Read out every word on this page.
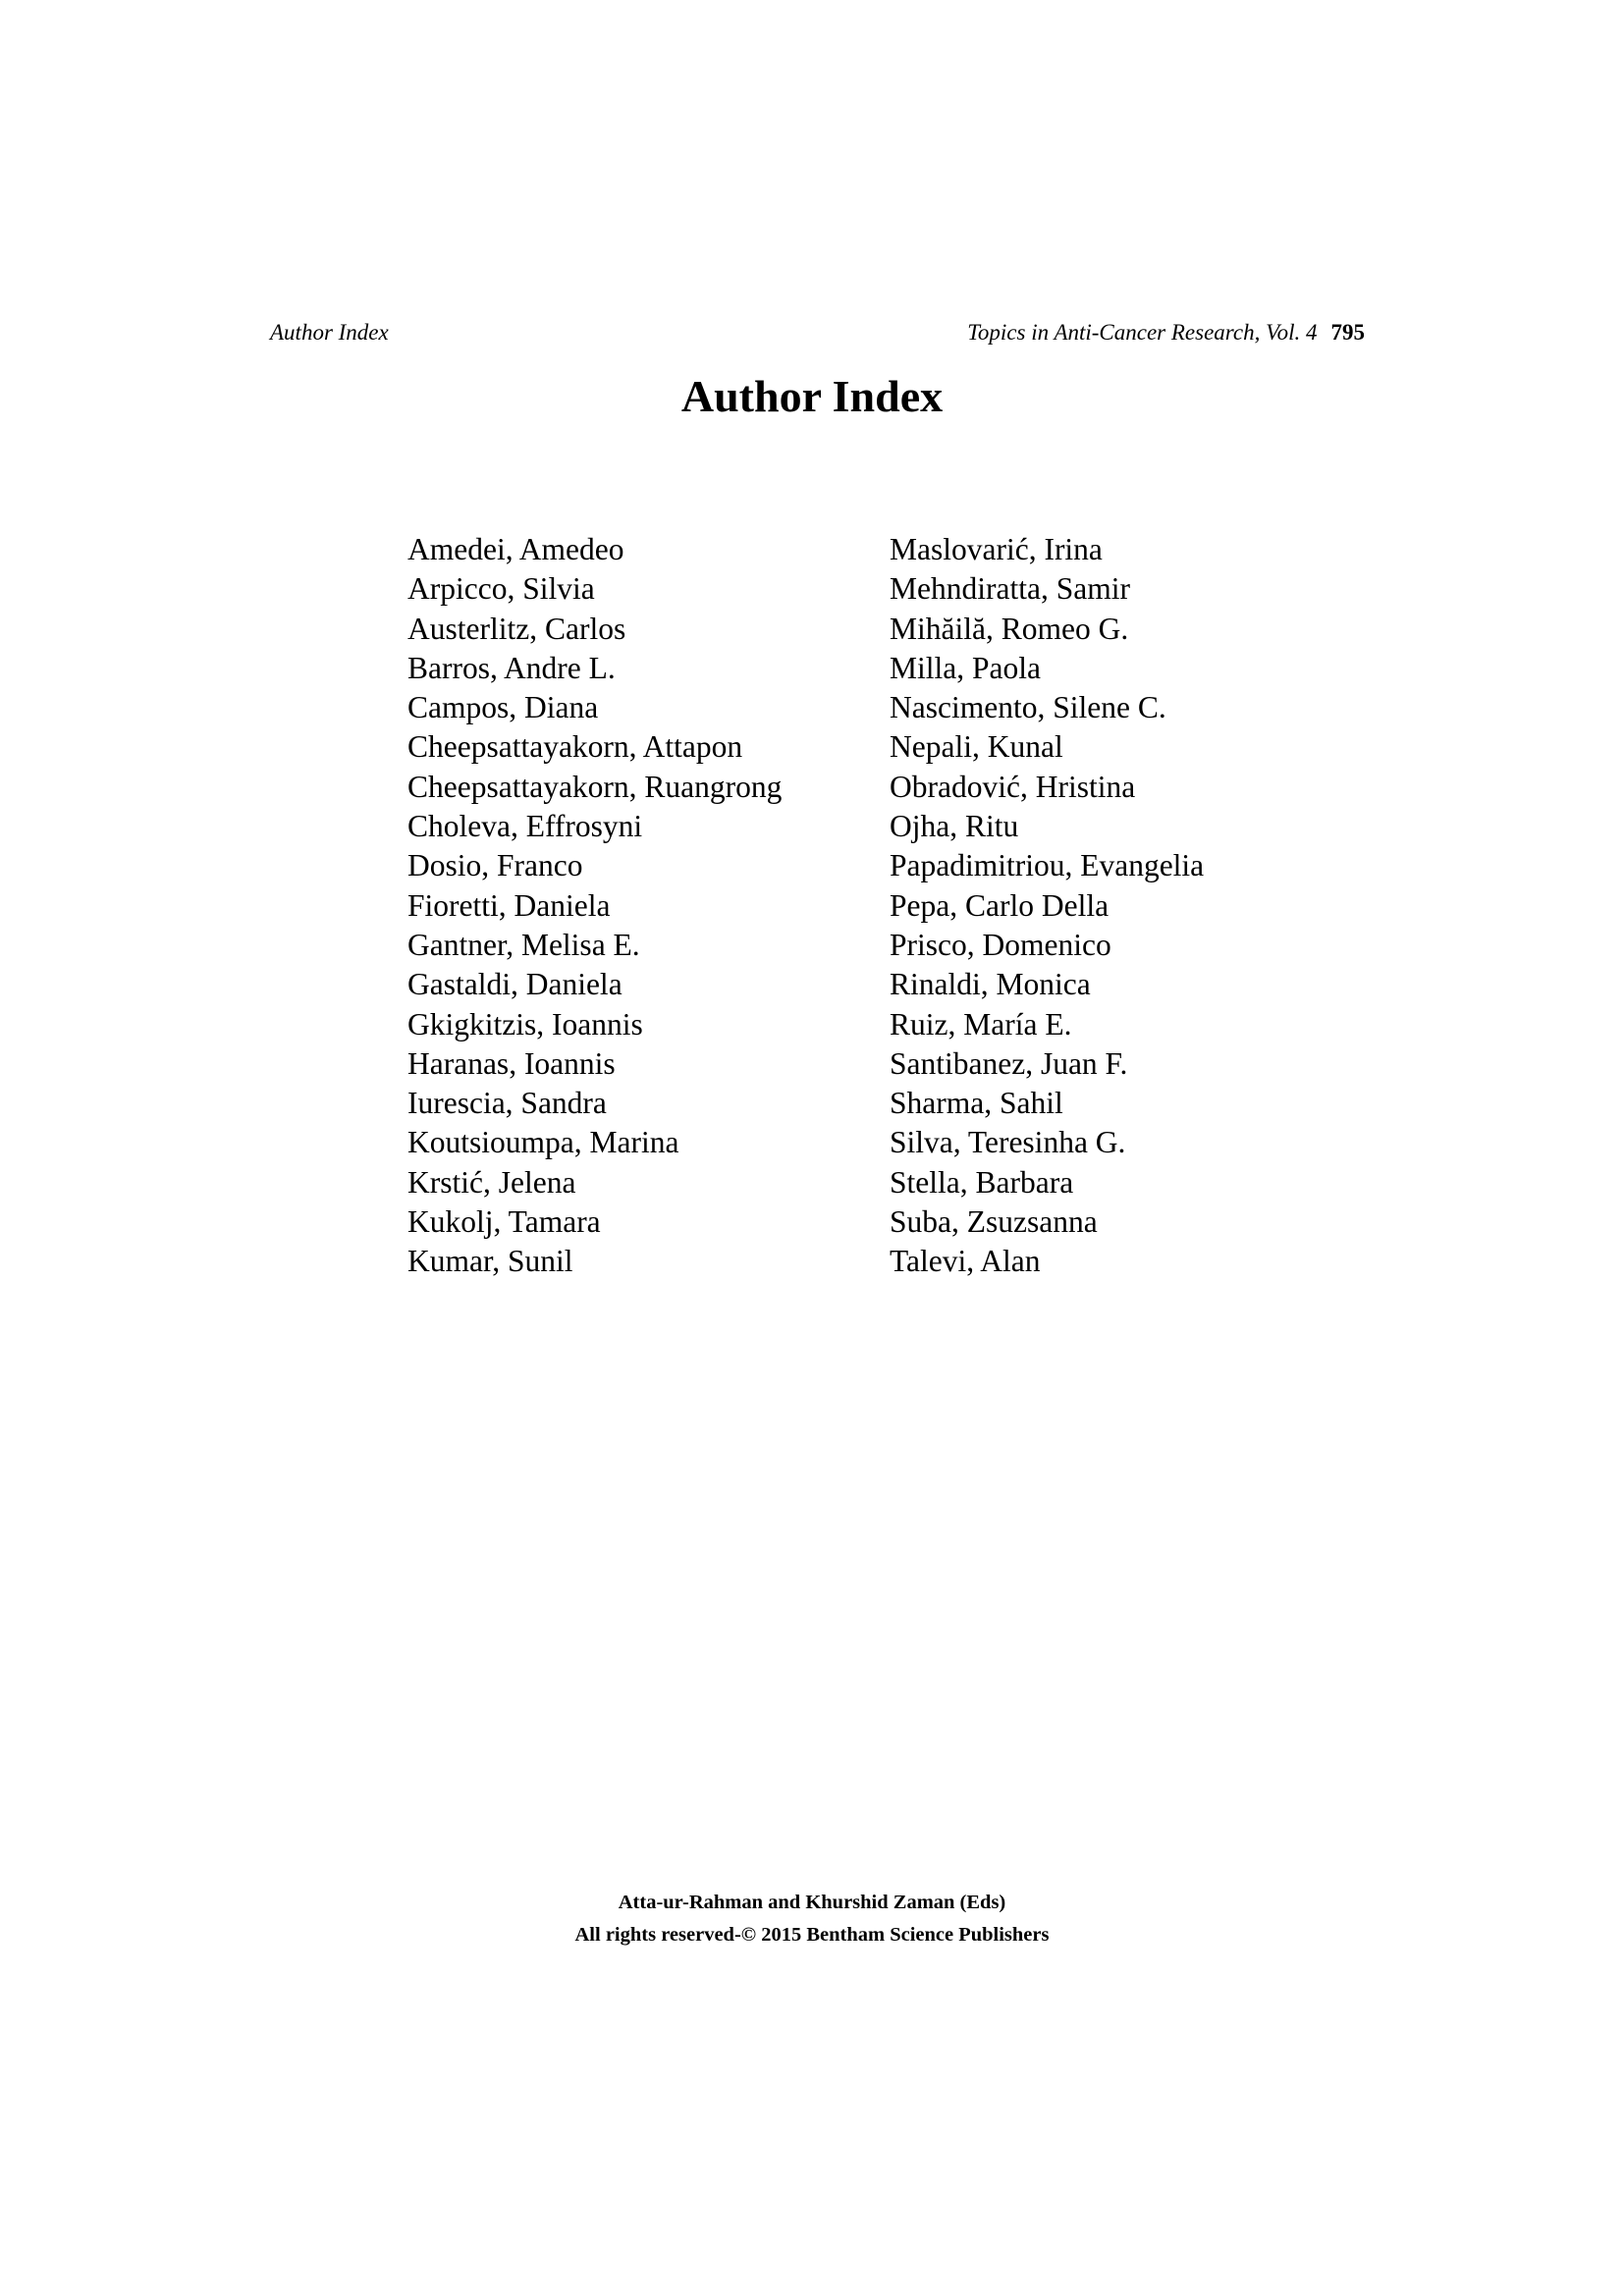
Author Index	Topics in Anti-Cancer Research, Vol. 4 795
Author Index
Amedei, Amedeo
Arpicco, Silvia
Austerlitz, Carlos
Barros, Andre L.
Campos, Diana
Cheepsattayakorn, Attapon
Cheepsattayakorn, Ruangrong
Choleva, Effrosyni
Dosio, Franco
Fioretti, Daniela
Gantner, Melisa E.
Gastaldi, Daniela
Gkigkitzis, Ioannis
Haranas, Ioannis
Iurescia, Sandra
Koutsioumpa, Marina
Krstić, Jelena
Kukolj, Tamara
Kumar, Sunil
Maslovarić, Irina
Mehndiratta, Samir
Mihăilă, Romeo G.
Milla, Paola
Nascimento, Silene C.
Nepali, Kunal
Obradović, Hristina
Ojha, Ritu
Papadimitriou, Evangelia
Pepa, Carlo Della
Prisco, Domenico
Rinaldi, Monica
Ruiz, María E.
Santibanez, Juan F.
Sharma, Sahil
Silva, Teresinha G.
Stella, Barbara
Suba, Zsuzsanna
Talevi, Alan
Atta-ur-Rahman and Khurshid Zaman (Eds)
All rights reserved-© 2015 Bentham Science Publishers
